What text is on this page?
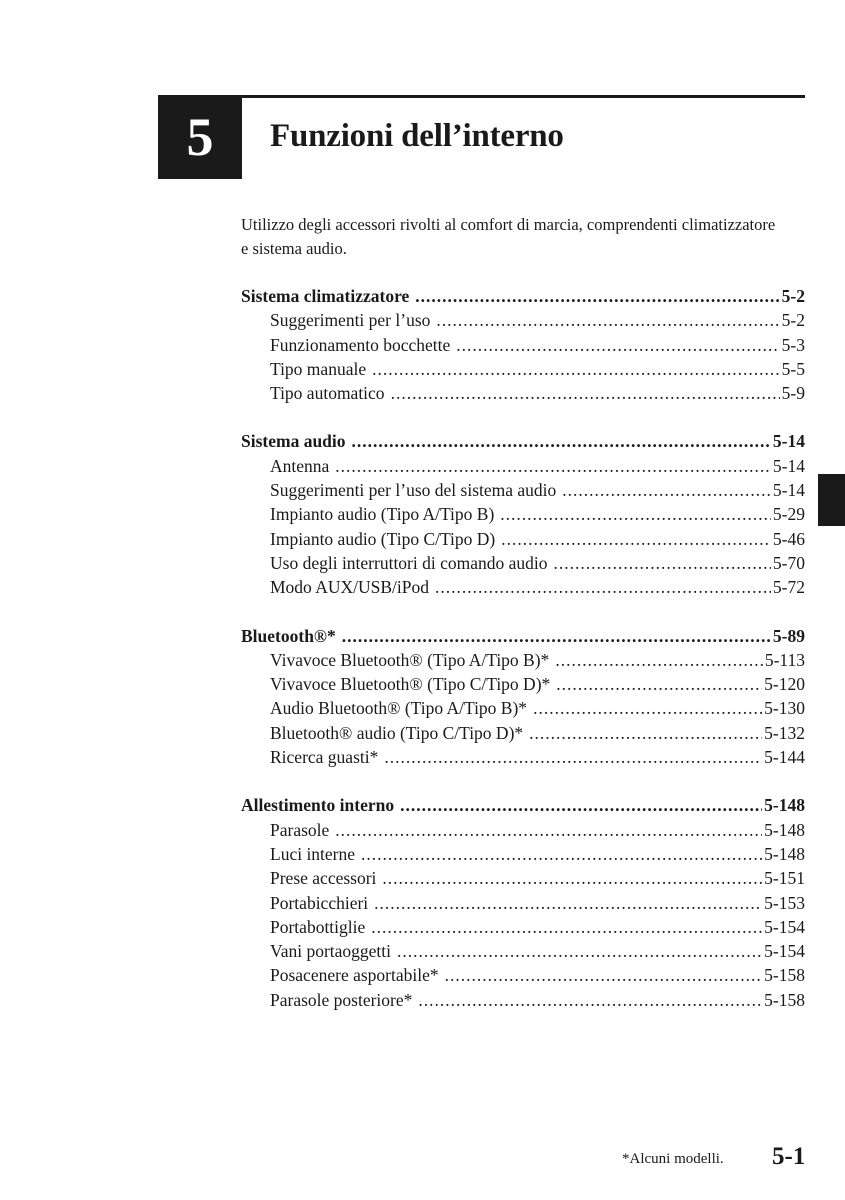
5 Funzioni dell’interno
Utilizzo degli accessori rivolti al comfort di marcia, comprendenti climatizzatore e sistema audio.
Sistema climatizzatore .....	5-2
Suggerimenti per l’uso .....	5-2
Funzionamento bocchette .....	5-3
Tipo manuale .....	5-5
Tipo automatico .....	5-9
Sistema audio .....	5-14
Antenna .....	5-14
Suggerimenti per l’uso del sistema audio .....	5-14
Impianto audio (Tipo A/Tipo B) .....	5-29
Impianto audio (Tipo C/Tipo D) .....	5-46
Uso degli interruttori di comando audio .....	5-70
Modo AUX/USB/iPod .....	5-72
Bluetooth®* .....	5-89
Vivavoce Bluetooth® (Tipo A/Tipo B)* .....	5-113
Vivavoce Bluetooth® (Tipo C/Tipo D)* .....	5-120
Audio Bluetooth® (Tipo A/Tipo B)* .....	5-130
Bluetooth® audio (Tipo C/Tipo D)* .....	5-132
Ricerca guasti* .....	5-144
Allestimento interno .....	5-148
Parasole .....	5-148
Luci interne .....	5-148
Prese accessori .....	5-151
Portabicchieri .....	5-153
Portabottiglie .....	5-154
Vani portaoggetti .....	5-154
Posacenere asportabile* .....	5-158
Parasole posteriore* .....	5-158
*Alcuni modelli. 5-1
